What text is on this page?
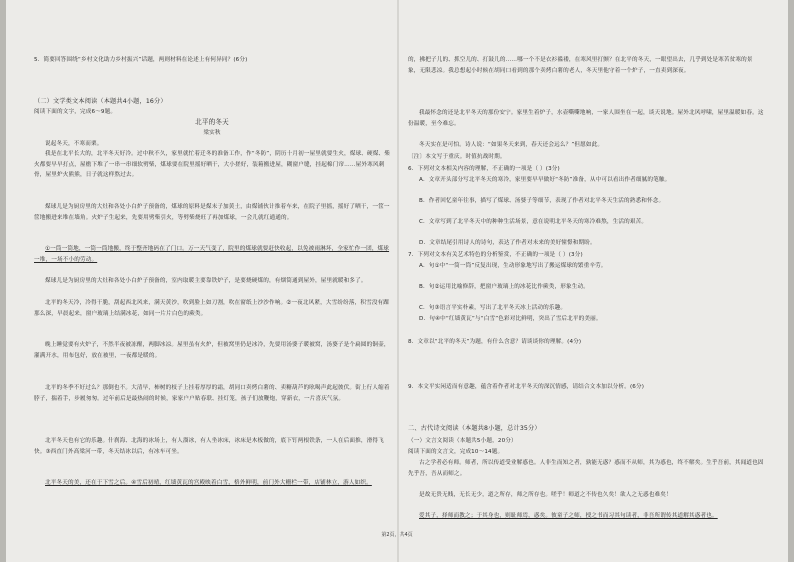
5．简要回答围绕“乡村文化助力乡村振兴”话题，两则材料在论述上有何异同？(6分)

（二）文学类文本阅读（本题共4小题，16分）

阅读下面的文字，完成6～9题。

北平的冬天

梁实秋

说起冬天，不寒而栗。

我是在北平长大的，北平冬天好冷。过中秋不久，家里就忙着迁冬的准备工作，作“冬防”，阴历十月初一屋里就要生火，煤球、硬煤、柴火都要早早打点，屋檐下堆了一串一串细软劈柴，煤球要在院里摇好晒干，大小搓好，装箱搬进屋，糊窗户缝，挂起棉门帘……屋外寒风刺骨，屋里炉火熊熊，日子就这样熬过去。

煤球儿是为厨房里的大灶和各处小白炉子预备的，煤球的原料是煤末子加黄土，由煤铺伙计推着车来，在院子里摇，摇好了晒干，一筐一筐地搬进来堆在墙角。火炉子生起来，先要用劈柴引火，等劈柴烧旺了再加煤球，一会儿就红通通的。

①一筒一筒地，一筒一筒地搬，终于整齐地码在了门口。万一天气变了，院里的煤球就要赶快收起，以免被雨淋坏，全家忙作一团，煤球一堆，一场不小的劳动。

煤球儿是为厨房里的大灶和各处小白炉子预备的，室内取暖主要靠铁炉子，是要烧硬煤的，有烟筒通到屋外，屋里就暖和多了。

北平的冬天冷，冷得干脆，刮起西北风来，满天黄沙，吹到脸上如刀割，吹在窗纸上沙沙作响。②一夜北风紧，大雪纷纷落，积雪没有踝那么深，早晨起来，窗户玻璃上结满冰花，如同一片片白色的蕨类。

晚上睡觉要有火炉子，不然半夜被冻醒，两脚冰凉。屋里虽有火炉，但被窝里仍是冰冷，先要用汤婆子暖被窝，汤婆子是个扁圆的铜壶，灌满开水，用布包好，放在被里，一夜都是暖的。

北平的冬季不好过么？那倒也不。大清早，柿树的枝子上挂着厚厚的霜，胡同口卖烤白薯的、卖糖葫芦的吆喝声此起彼伏。街上行人缩着脖子，揣着手，步履匆匆。过年前后是最热闹的时候，家家户户贴春联、挂灯笼，孩子们放鞭炮，穿新衣，一片喜庆气氛。

北平冬天也有它的乐趣。什刹海、北海的冰场上，有人溜冰，有人坐冰床，冰床是木板做的，底下钉两根铁条，一人在后面推，滑得飞快。③西直门外高梁河一带，冬天结冰以后，有冰车可坐。

北平冬天的美，还在于下雪之后。④雪后初晴，红墙黄瓦的宫殿映着白雪，格外鲜明，前门外大栅栏一带，店铺林立，游人如织。

的，拂把子儿的、抓空儿的、打鼓儿的……哪一个不是衣衫褴褛，在寒风里打颤？在北平的冬天，一眼望出去，几乎到处是寒苦贫寒的景象，无限悲凉。我总想起小时候在胡同口看到的那个卖烤白薯的老人，冬天里他守着一个炉子，一直卖到深夜。

我最怀念的还是北平冬天的那份安宁。家里生着炉子，水壶嘶嘶地响，一家人围坐在一起，谈天说地。屋外北风呼啸，屋里温暖如春。这份温暖，至今难忘。

冬天实在是可怕。诗人说：“如果冬天来到，春天还会远么？”但愿如此。

〔注〕本文写于重庆。时值抗战时期。

6．下列对文本相关内容的理解，不正确的一项是（ ）(3分)

A．文章开头部分写北平冬天的寒冷，家里要早早做好“冬防”准备，从中可以看出作者细腻的笔触。

B．作者回忆童年往事，描写了煤球、汤婆子等细节，表现了作者对北平冬天生活的熟悉和怀念。

C．文章写到了北平冬天中的种种生活场景，意在说明北平冬天的寒冷难熬，生活的艰苦。

D．文章结尾引用诗人的诗句，表达了作者对未来的美好憧憬和期盼。

7．下列对文本有关艺术特色的分析鉴赏，不正确的一项是（ ）(3分)

A．句①中“一筒一筒”反复出现，生动形象地写出了搬运煤球的繁重辛劳。

B．句②运用比喻修辞，把窗户玻璃上的冰花比作蕨类，形象生动。

C．句③语言平实朴素，写出了北平冬天冰上活动的乐趣。

D．句④中“红墙黄瓦”与“白雪”色彩对比鲜明，突出了雪后北平的美丽。

8．文章以“北平的冬天”为题，有什么含意？请谈谈你的理解。(4分)

9．本文平实闲适而有意趣，蕴含着作者对北平冬天的深沉情感，请结合文本加以分析。(6分)

二、古代诗文阅读（本题共8小题，总计35分）

（一）文言文阅读（本题共5小题，20分）

阅读下面的文言文，完成10～14题。

古之学者必有师。师者，所以传道受业解惑也。人非生而知之者，孰能无惑？惑而不从师，其为惑也，终不解矣。生乎吾前，其闻道也固先乎吾，吾从而师之。

是故无贵无贱，无长无少，道之所存，师之所存也。嗟乎！师道之不传也久矣！欲人之无惑也难矣！

爱其子，择师而教之；于其身也，则耻师焉，惑矣。彼童子之师，授之书而习其句读者，非吾所谓传其道解其惑者也。

第2页，共4页
